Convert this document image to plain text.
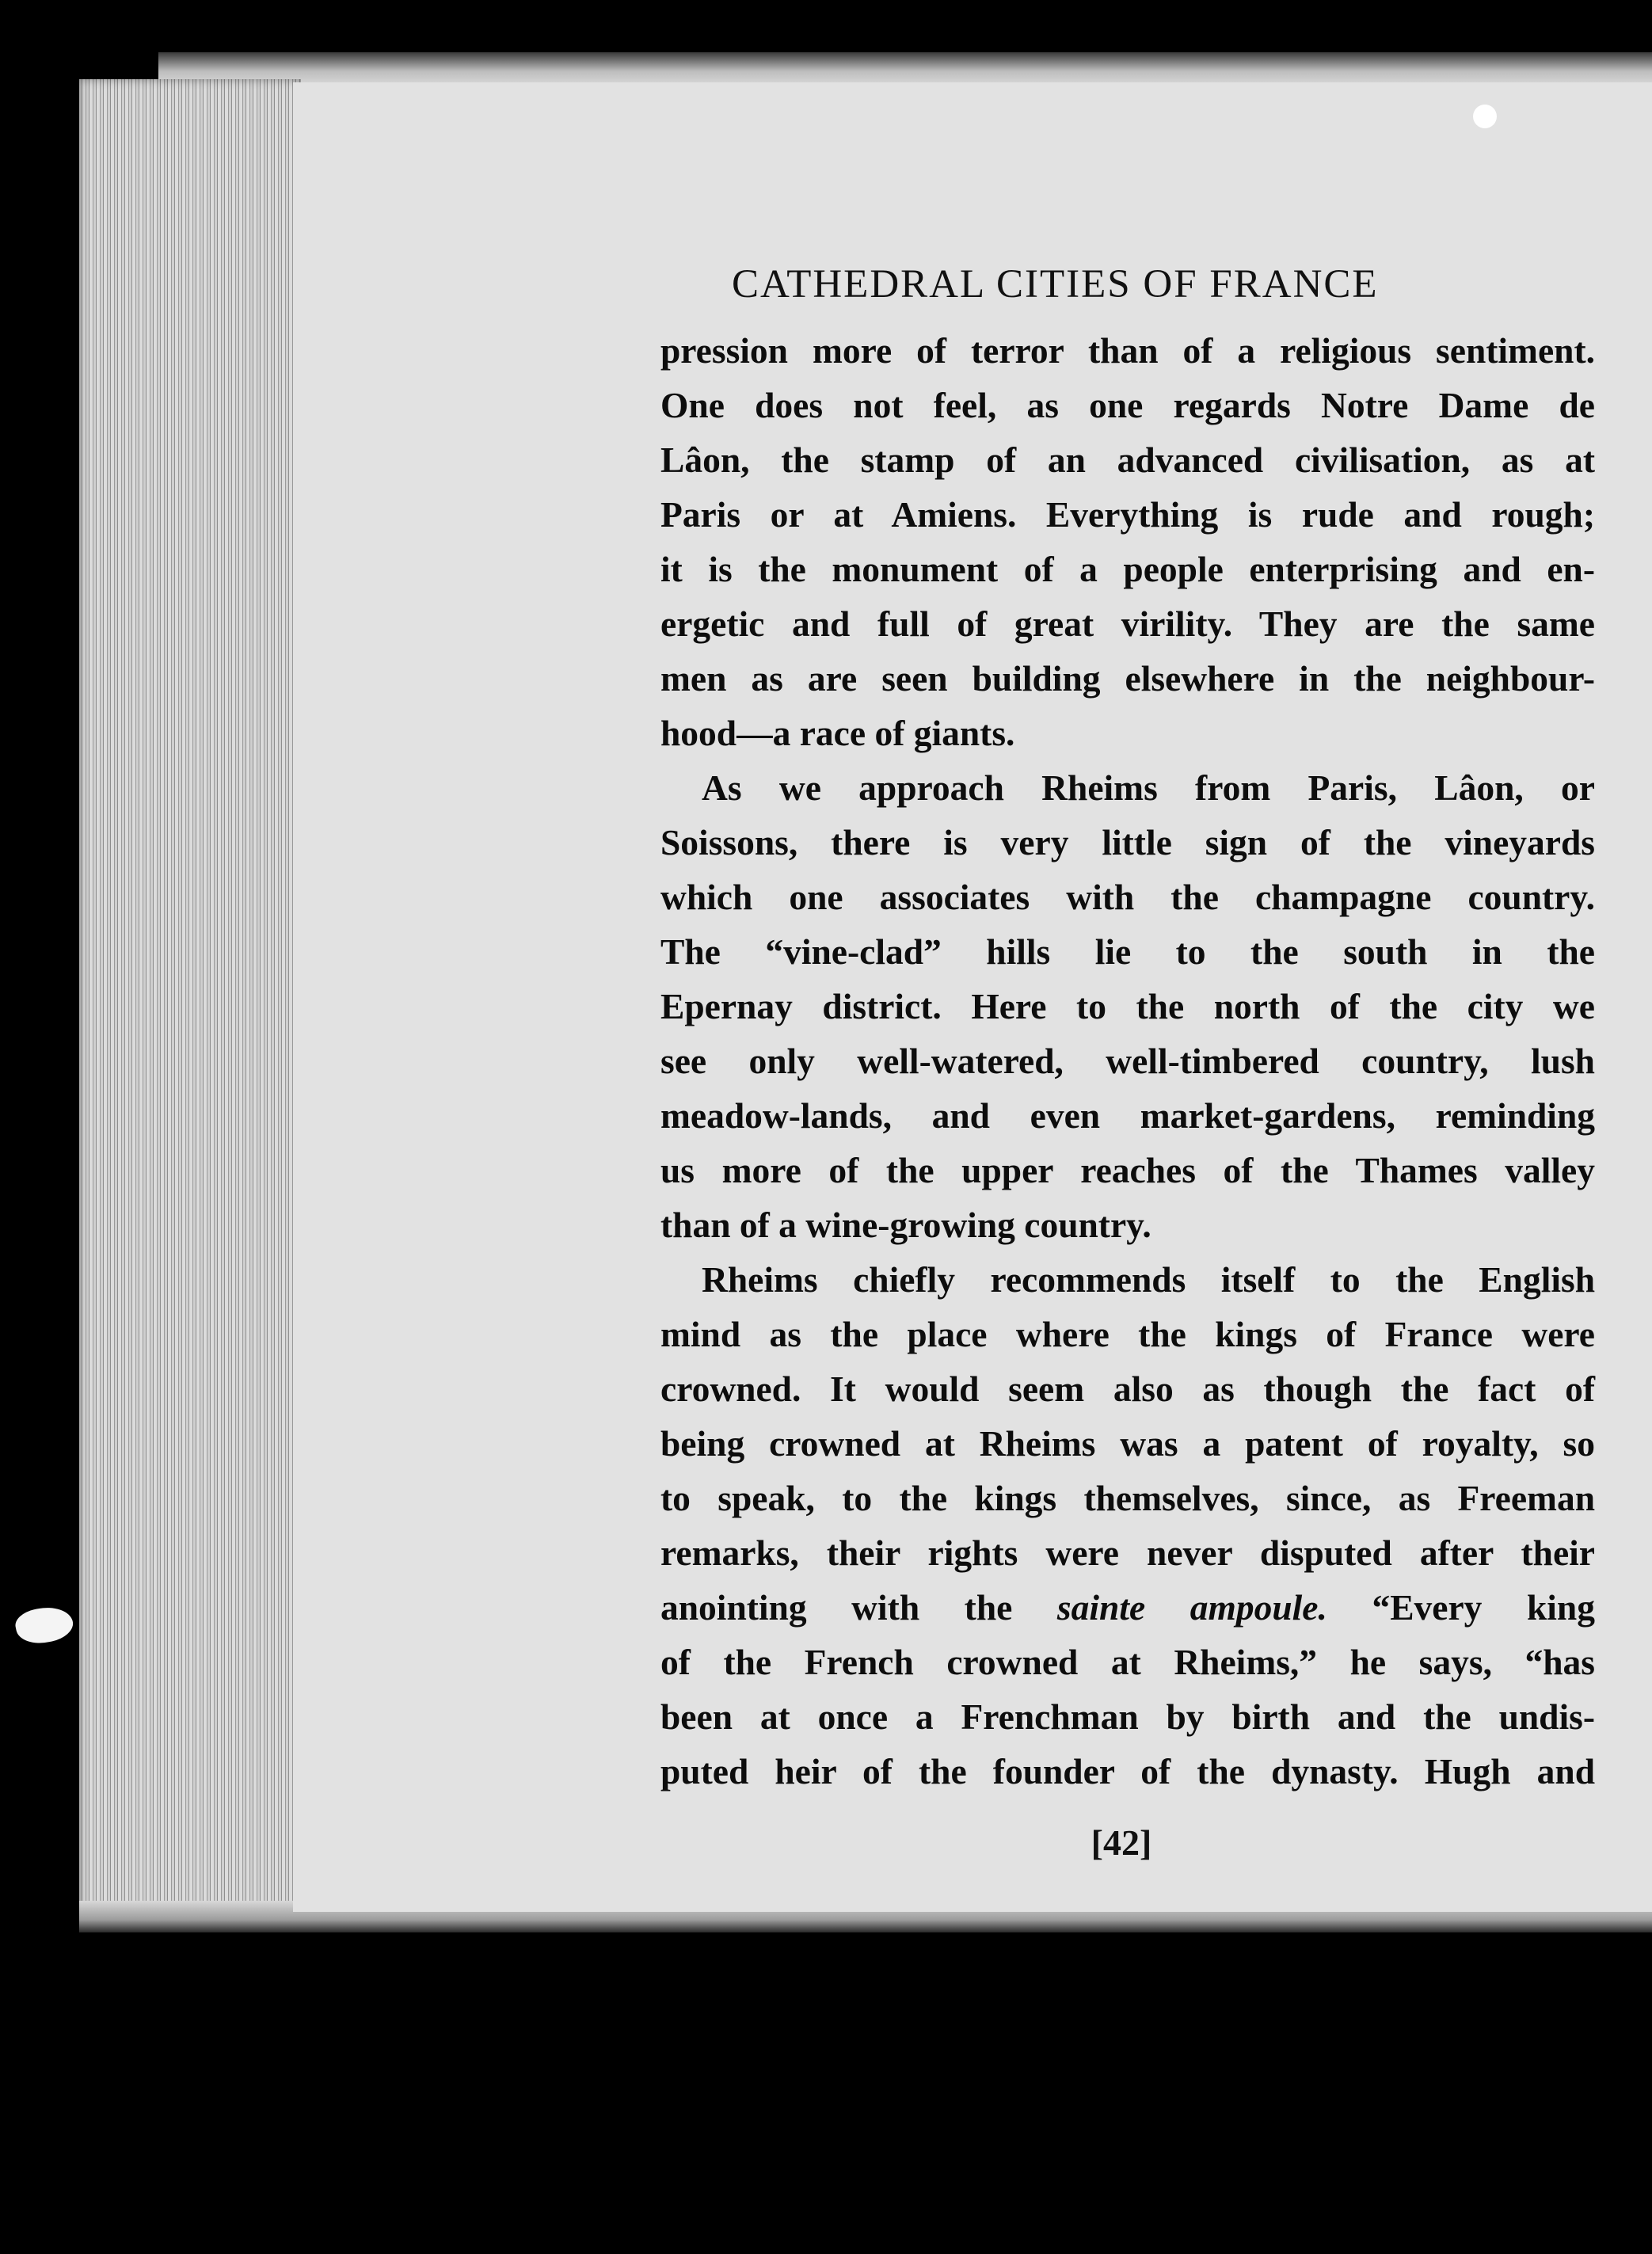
CATHEDRAL CITIES OF FRANCE

pression more of terror than of a religious sentiment.
One does not feel, as one regards Notre Dame de
Lâon, the stamp of an advanced civilisation, as at
Paris or at Amiens. Everything is rude and rough;
it is the monument of a people enterprising and en-
ergetic and full of great virility. They are the same
men as are seen building elsewhere in the neighbour-
hood—a race of giants.

As we approach Rheims from Paris, Lâon, or
Soissons, there is very little sign of the vineyards
which one associates with the champagne country.
The “vine-clad” hills lie to the south in the
Epernay district. Here to the north of the city we
see only well-watered, well-timbered country, lush
meadow-lands, and even market-gardens, reminding
us more of the upper reaches of the Thames valley
than of a wine-growing country.

Rheims chiefly recommends itself to the English
mind as the place where the kings of France were
crowned. It would seem also as though the fact of
being crowned at Rheims was a patent of royalty, so
to speak, to the kings themselves, since, as Freeman
remarks, their rights were never disputed after their
anointing with the sainte ampoule. “Every king
of the French crowned at Rheims,” he says, “has
been at once a Frenchman by birth and the undis-
puted heir of the founder of the dynasty. Hugh and

[42]
